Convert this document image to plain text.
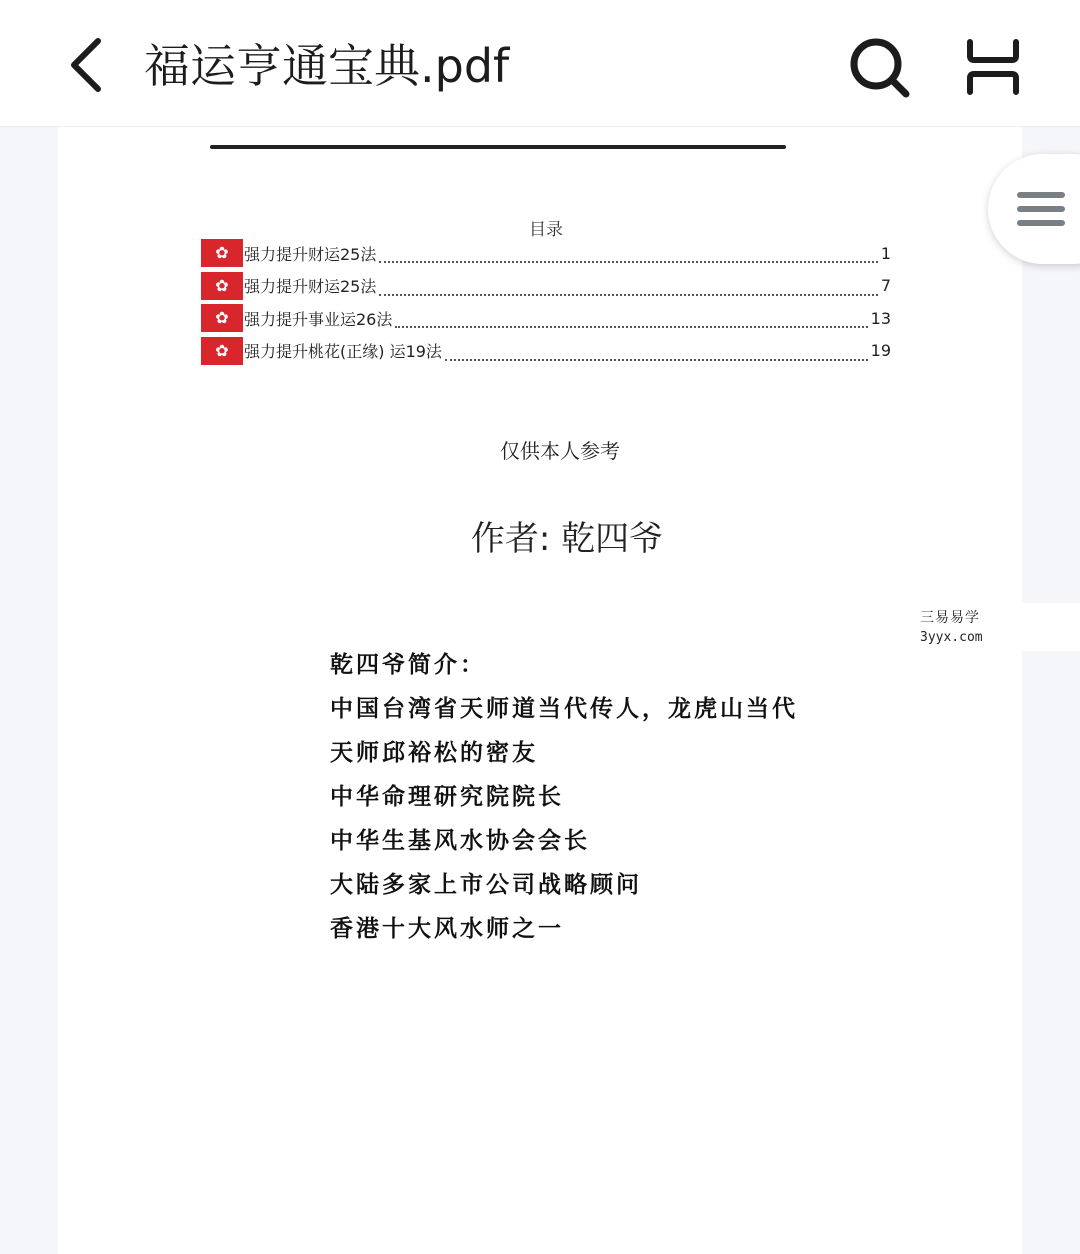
福运亨通宝典.pdf
目录
✿ 强力提升财运25法	1
✿ 强力提升财运25法	7
✿ 强力提升事业运26法	13
✿ 强力提升桃花(正缘) 运19法	19
仅供本人参考
作者: 乾四爷
乾四爷简介：
中国台湾省天师道当代传人，龙虎山当代
天师邱裕松的密友
中华命理研究院院长
中华生基风水协会会长
大陆多家上市公司战略顾问
香港十大风水师之一
三易易学
3yyx.com
